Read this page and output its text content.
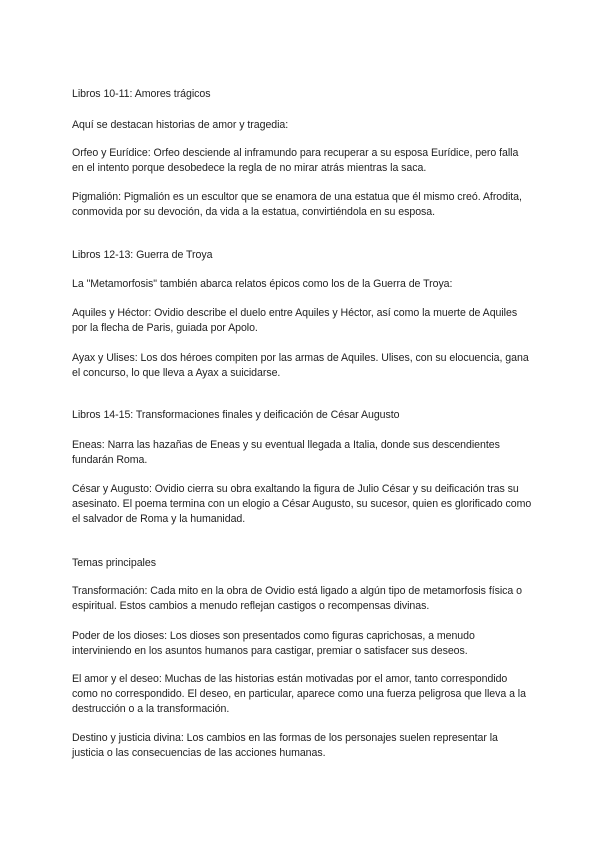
Libros 10-11: Amores trágicos

Aquí se destacan historias de amor y tragedia:

Orfeo y Eurídice: Orfeo desciende al inframundo para recuperar a su esposa Eurídice, pero falla en el intento porque desobedece la regla de no mirar atrás mientras la saca.

Pigmalión: Pigmalión es un escultor que se enamora de una estatua que él mismo creó. Afrodita, conmovida por su devoción, da vida a la estatua, convirtiéndola en su esposa.

Libros 12-13: Guerra de Troya

La "Metamorfosis" también abarca relatos épicos como los de la Guerra de Troya:

Aquiles y Héctor: Ovidio describe el duelo entre Aquiles y Héctor, así como la muerte de Aquiles por la flecha de Paris, guiada por Apolo.

Ayax y Ulises: Los dos héroes compiten por las armas de Aquiles. Ulises, con su elocuencia, gana el concurso, lo que lleva a Ayax a suicidarse.

Libros 14-15: Transformaciones finales y deificación de César Augusto

Eneas: Narra las hazañas de Eneas y su eventual llegada a Italia, donde sus descendientes fundarán Roma.

César y Augusto: Ovidio cierra su obra exaltando la figura de Julio César y su deificación tras su asesinato. El poema termina con un elogio a César Augusto, su sucesor, quien es glorificado como el salvador de Roma y la humanidad.

Temas principales

Transformación: Cada mito en la obra de Ovidio está ligado a algún tipo de metamorfosis física o espiritual. Estos cambios a menudo reflejan castigos o recompensas divinas.

Poder de los dioses: Los dioses son presentados como figuras caprichosas, a menudo interviniendo en los asuntos humanos para castigar, premiar o satisfacer sus deseos.

El amor y el deseo: Muchas de las historias están motivadas por el amor, tanto correspondido como no correspondido. El deseo, en particular, aparece como una fuerza peligrosa que lleva a la destrucción o a la transformación.

Destino y justicia divina: Los cambios en las formas de los personajes suelen representar la justicia o las consecuencias de las acciones humanas.
